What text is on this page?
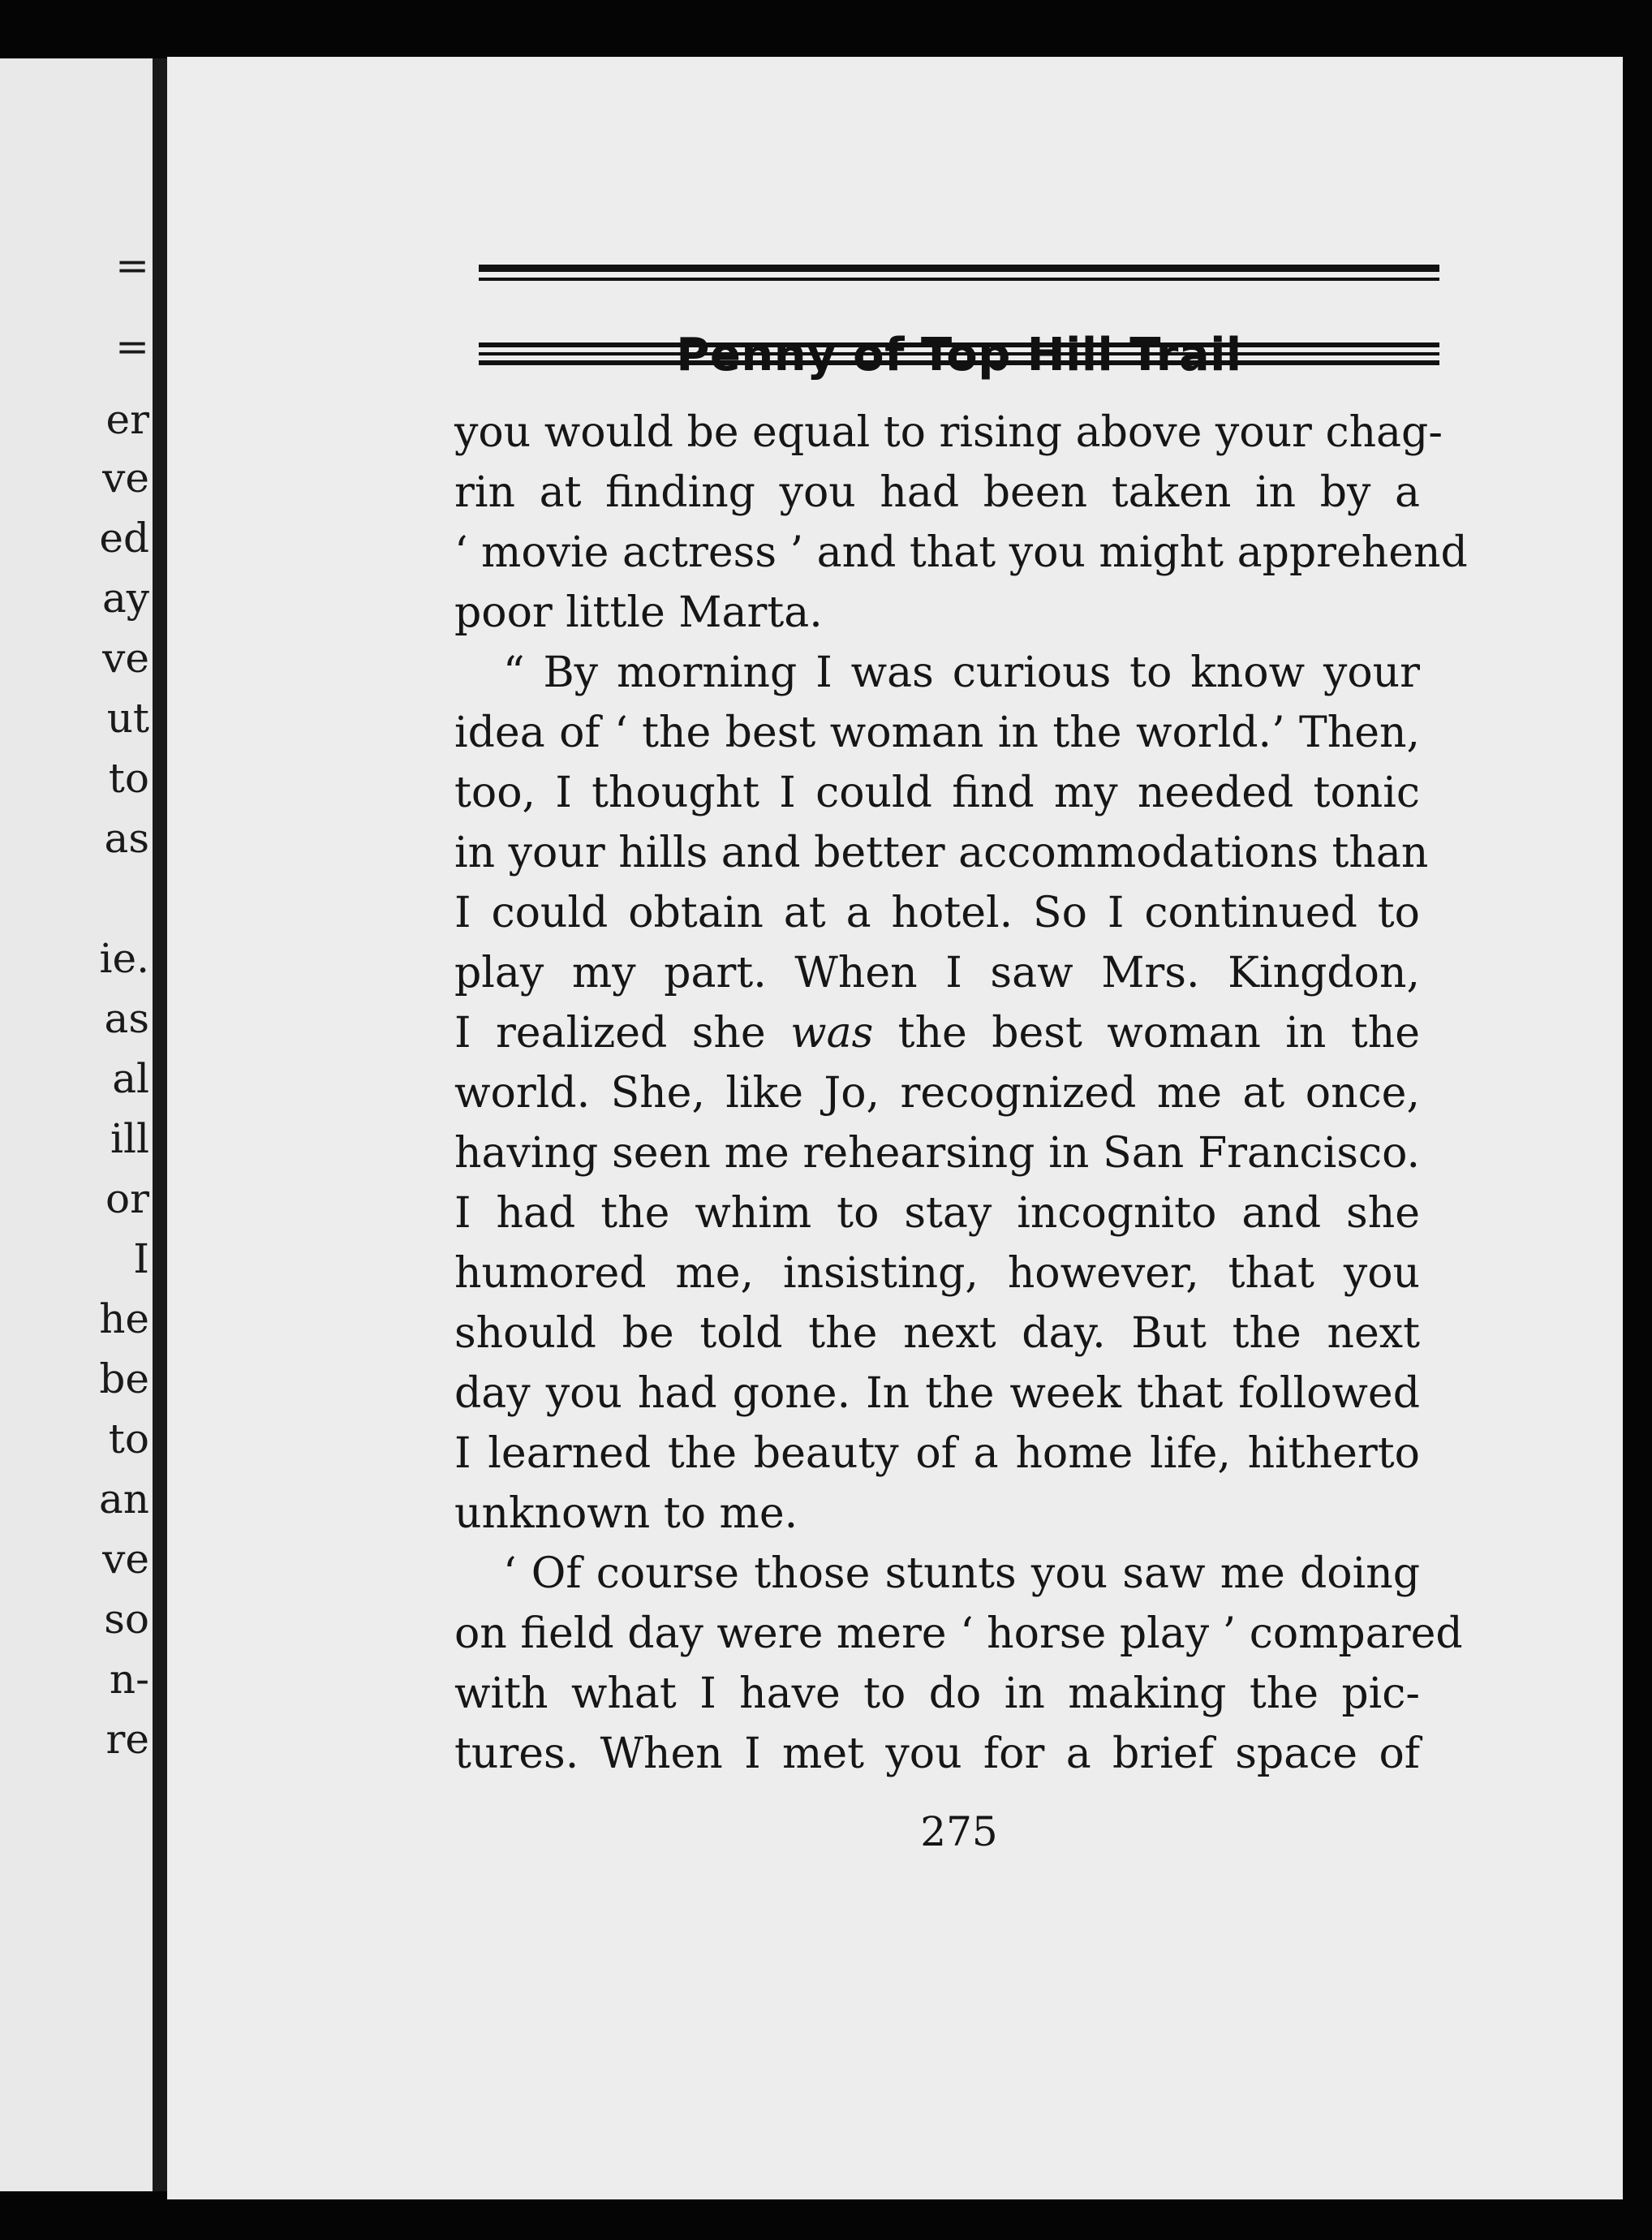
=
=
er
ve
ed
ay
ve
ut
to
as
ie.
as
al
ill
or
I
he
be
to
an
ve
so
n-
re
you would be equal to rising above your chag-
rin at finding you had been taken in by a
‘ movie actress ’ and that you might apprehend
poor little Marta.
“ By morning I was curious to know your
idea of ‘ the best woman in the world.’ Then,
too, I thought I could find my needed tonic
in your hills and better accommodations than
I could obtain at a hotel. So I continued to
play my part. When I saw Mrs. Kingdon,
I realized she was the best woman in the
world. She, like Jo, recognized me at once,
having seen me rehearsing in San Francisco.
I had the whim to stay incognito and she
humored me, insisting, however, that you
should be told the next day. But the next
day you had gone. In the week that followed
I learned the beauty of a home life, hitherto
unknown to me.
‘ Of course those stunts you saw me doing
on field day were mere ‘ horse play ’ compared
with what I have to do in making the pic-
tures. When I met you for a brief space of
275
